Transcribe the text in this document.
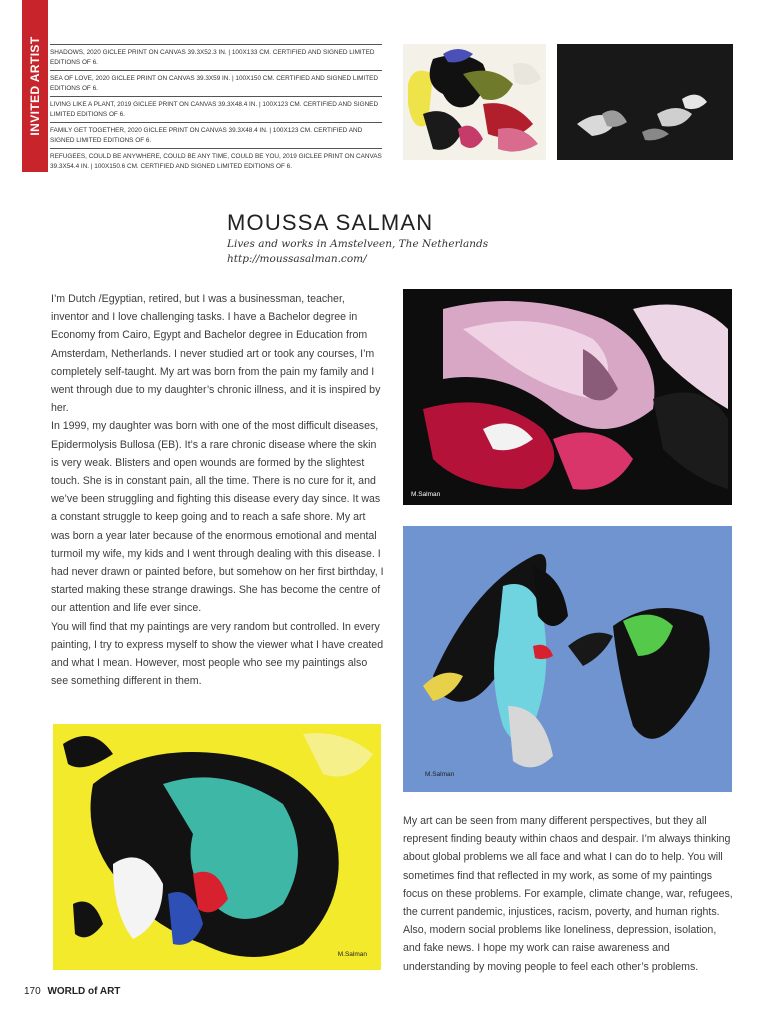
INVITED ARTIST SHADOWS, 2020 GICLEE PRINT ON CANVAS 39.3X52.3 IN. | 100X133 CM. CERTIFIED AND SIGNED LIMITED EDITIONS OF 6.
SEA OF LOVE, 2020 GICLEE PRINT ON CANVAS 39.3X59 IN. | 100X150 CM. CERTIFIED AND SIGNED LIMITED EDITIONS OF 6.
LIVING LIKE A PLANT, 2019 GICLEE PRINT ON CANVAS 39.3X48.4 IN. | 100X123 CM. CERTIFIED AND SIGNED LIMITED EDITIONS OF 6.
FAMILY GET TOGETHER, 2020 GICLEE PRINT ON CANVAS 39.3X48.4 IN. | 100X123 CM. CERTIFIED AND SIGNED LIMITED EDITIONS OF 6.
REFUGEES, COULD BE ANYWHERE, COULD BE ANY TIME, COULD BE YOU, 2019 GICLEE PRINT ON CANVAS 39.3X54.4 IN. | 100X150.6 CM. CERTIFIED AND SIGNED LIMITED EDITIONS OF 6.
MOUSSA SALMAN
Lives and works in Amstelveen, The Netherlands
http://moussasalman.com/

I’m Dutch /Egyptian, retired, but I was a businessman, teacher, inventor and I love challenging tasks. I have a Bachelor degree in Economy from Cairo, Egypt and Bachelor degree in Education from Amsterdam, Netherlands. I never studied art or took any courses, I’m completely self-taught. My art was born from the pain my family and I went through due to my daughter’s chronic illness, and it is inspired by her.

In 1999, my daughter was born with one of the most difficult diseases, Epidermolysis Bullosa (EB). It’s a rare chronic disease where the skin is very weak. Blisters and open wounds are formed by the slightest touch. She is in constant pain, all the time. There is no cure for it, and we’ve been struggling and fighting this disease every day since. It was a constant struggle to keep going and to reach a safe shore. My art was born a year later because of the enormous emotional and mental turmoil my wife, my kids and I went through dealing with this disease. I had never drawn or painted before, but somehow on her first birthday, I started making these strange drawings. She has become the centre of our attention and life ever since.

You will find that my paintings are very random but controlled. In every painting, I try to express myself to show the viewer what I have created and what I mean. However, most people who see my paintings also see something different in them.

M.Salman
M.Salman
M.Salman
My art can be seen from many different perspectives, but they all represent finding beauty within chaos and despair. I’m always thinking about global problems we all face and what I can do to help. You will sometimes find that reflected in my work, as some of my paintings focus on these problems. For example, climate change, war, refugees, the current pandemic, injustices, racism, poverty, and human rights. Also, modern social problems like loneliness, depression, isolation, and fake news. I hope my work can raise awareness and understanding by moving people to feel each other’s problems.
170 WORLD of ART
